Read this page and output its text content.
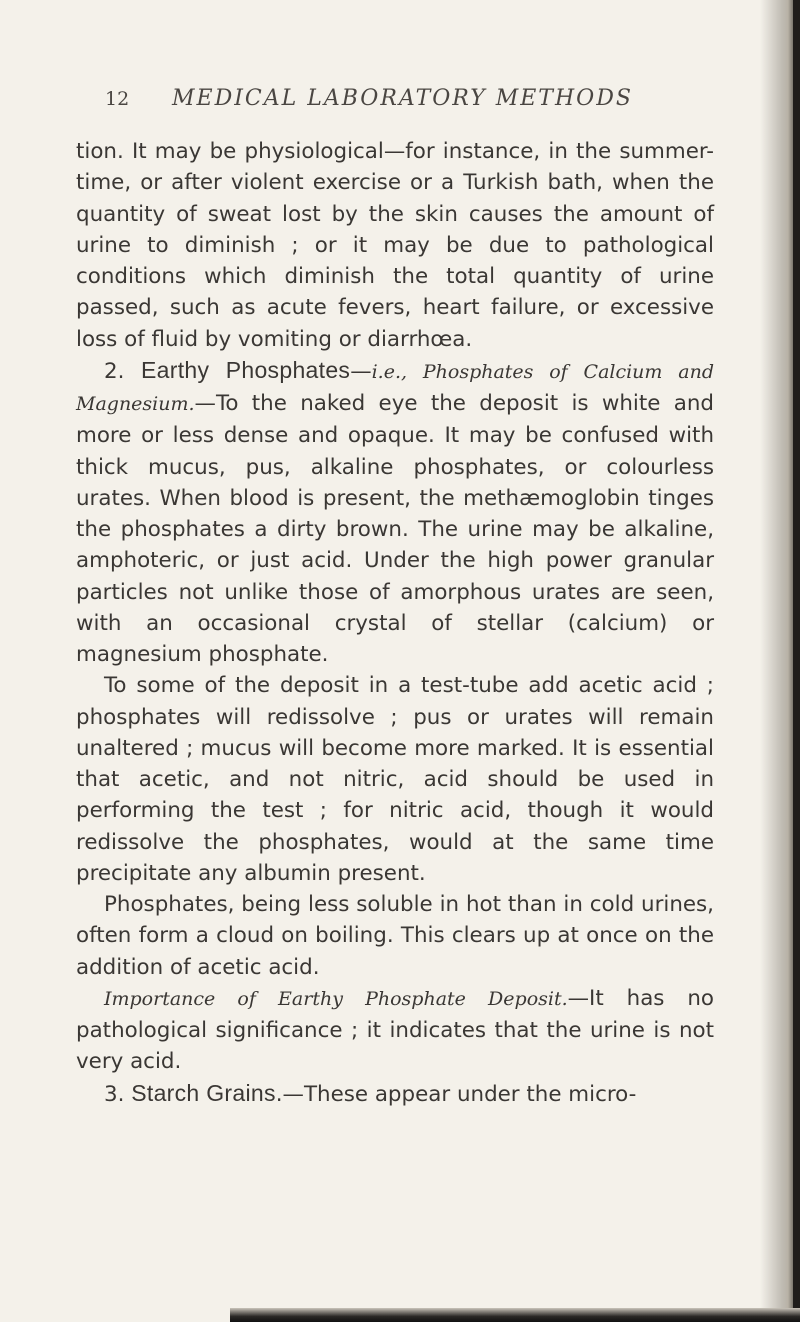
12 MEDICAL LABORATORY METHODS

tion. It may be physiological—for instance, in the summer-time, or after violent exercise or a Turkish bath, when the quantity of sweat lost by the skin causes the amount of urine to diminish ; or it may be due to pathological conditions which diminish the total quantity of urine passed, such as acute fevers, heart failure, or excessive loss of fluid by vomiting or diarrhœa.

2. Earthy Phosphates—i.e., Phosphates of Calcium and Magnesium.—To the naked eye the deposit is white and more or less dense and opaque. It may be confused with thick mucus, pus, alkaline phosphates, or colourless urates. When blood is present, the methæmoglobin tinges the phosphates a dirty brown. The urine may be alkaline, amphoteric, or just acid. Under the high power granular particles not unlike those of amorphous urates are seen, with an occasional crystal of stellar (calcium) or magnesium phosphate.

To some of the deposit in a test-tube add acetic acid ; phosphates will redissolve ; pus or urates will remain unaltered ; mucus will become more marked. It is essential that acetic, and not nitric, acid should be used in performing the test ; for nitric acid, though it would redissolve the phosphates, would at the same time precipitate any albumin present.

Phosphates, being less soluble in hot than in cold urines, often form a cloud on boiling. This clears up at once on the addition of acetic acid.

Importance of Earthy Phosphate Deposit.—It has no pathological significance ; it indicates that the urine is not very acid.

3. Starch Grains.—These appear under the micro-
